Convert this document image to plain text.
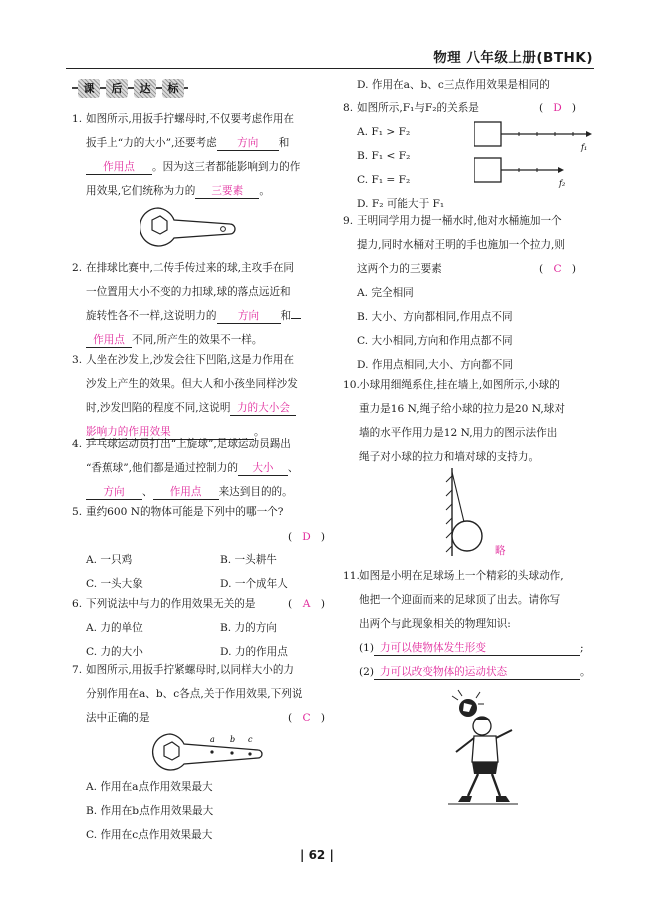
物理 八年级上册(BTHK)
课	后	达	标
1. 如图所示,用扳手拧螺母时,不仅要考虑作用在
扳手上“力的大小”,还要考虑 方向 和
作用点 。因为这三者都能影响到力的作
用效果,它们统称为力的 三要素 。
2. 在排球比赛中,二传手传过来的球,主攻手在同
一位置用大小不变的力扣球,球的落点远近和
旋转性各不一样,这说明力的 方向 和
作用点 不同,所产生的效果不一样。
3. 人坐在沙发上,沙发会往下凹陷,这是力作用在
沙发上产生的效果。但大人和小孩坐同样沙发
时,沙发凹陷的程度不同,这说明 力的大小会
影响力的作用效果	。
4. 乒乓球运动员打出“上旋球”,足球运动员踢出
“香蕉球”,他们都是通过控制力的 大小 、
方向 、 作用点 来达到目的的。
5. 重约600 N的物体可能是下列中的哪一个?
( D )
A. 一只鸡	B. 一头耕牛
C. 一头大象	D. 一个成年人
6. 下列说法中与力的作用效果无关的是	( A )
A. 力的单位	B. 力的方向
C. 力的大小	D. 力的作用点
7. 如图所示,用扳手拧紧螺母时,以同样大小的力
分别作用在a、b、c各点,关于作用效果,下列说
法中正确的是	( C )
a b c
A. 作用在a点作用效果最大
B. 作用在b点作用效果最大
C. 作用在c点作用效果最大
D. 作用在a、b、c三点作用效果是相同的
8. 如图所示,F₁与F₂的关系是	( D )
A. F₁ > F₂
B. F₁ < F₂
C. F₁ = F₂
D. F₂ 可能大于 F₁
f₁
f₂
9. 王明同学用力提一桶水时,他对水桶施加一个
提力,同时水桶对王明的手也施加一个拉力,则
这两个力的三要素	( C )
A. 完全相同
B. 大小、方向都相同,作用点不同
C. 大小相同,方向和作用点都不同
D. 作用点相同,大小、方向都不同
10. 小球用细绳系住,挂在墙上,如图所示,小球的
重力是16 N,绳子给小球的拉力是20 N,球对
墙的水平作用力是12 N,用力的图示法作出
绳子对小球的拉力和墙对球的支持力。
略
11. 如图是小明在足球场上一个精彩的头球动作,
他把一个迎面而来的足球顶了出去。请你写
出两个与此现象相关的物理知识:
(1) 力可以使物体发生形变	;
(2) 力可以改变物体的运动状态	。
| 62 |
